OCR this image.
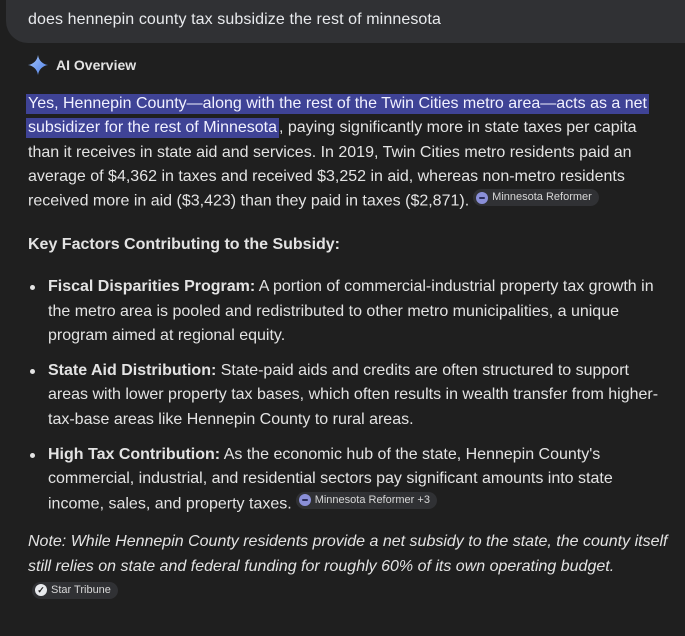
does hennepin county tax subsidize the rest of minnesota
AI Overview
Yes, Hennepin County—along with the rest of the Twin Cities metro area—acts as a net subsidizer for the rest of Minnesota , paying significantly more in state taxes per capita than it receives in state aid and services. In 2019, Twin Cities metro residents paid an average of $4,362 in taxes and received $3,252 in aid, whereas non-metro residents received more in aid ($3,423) than they paid in taxes ($2,871). Minnesota Reformer
Key Factors Contributing to the Subsidy:
Fiscal Disparities Program: A portion of commercial-industrial property tax growth in the metro area is pooled and redistributed to other metro municipalities, a unique program aimed at regional equity.
State Aid Distribution: State-paid aids and credits are often structured to support areas with lower property tax bases, which often results in wealth transfer from higher-tax-base areas like Hennepin County to rural areas.
High Tax Contribution: As the economic hub of the state, Hennepin County's commercial, industrial, and residential sectors pay significant amounts into state income, sales, and property taxes. Minnesota Reformer +3
Note: While Hennepin County residents provide a net subsidy to the state, the county itself still relies on state and federal funding for roughly 60% of its own operating budget.
✓ Star Tribune
